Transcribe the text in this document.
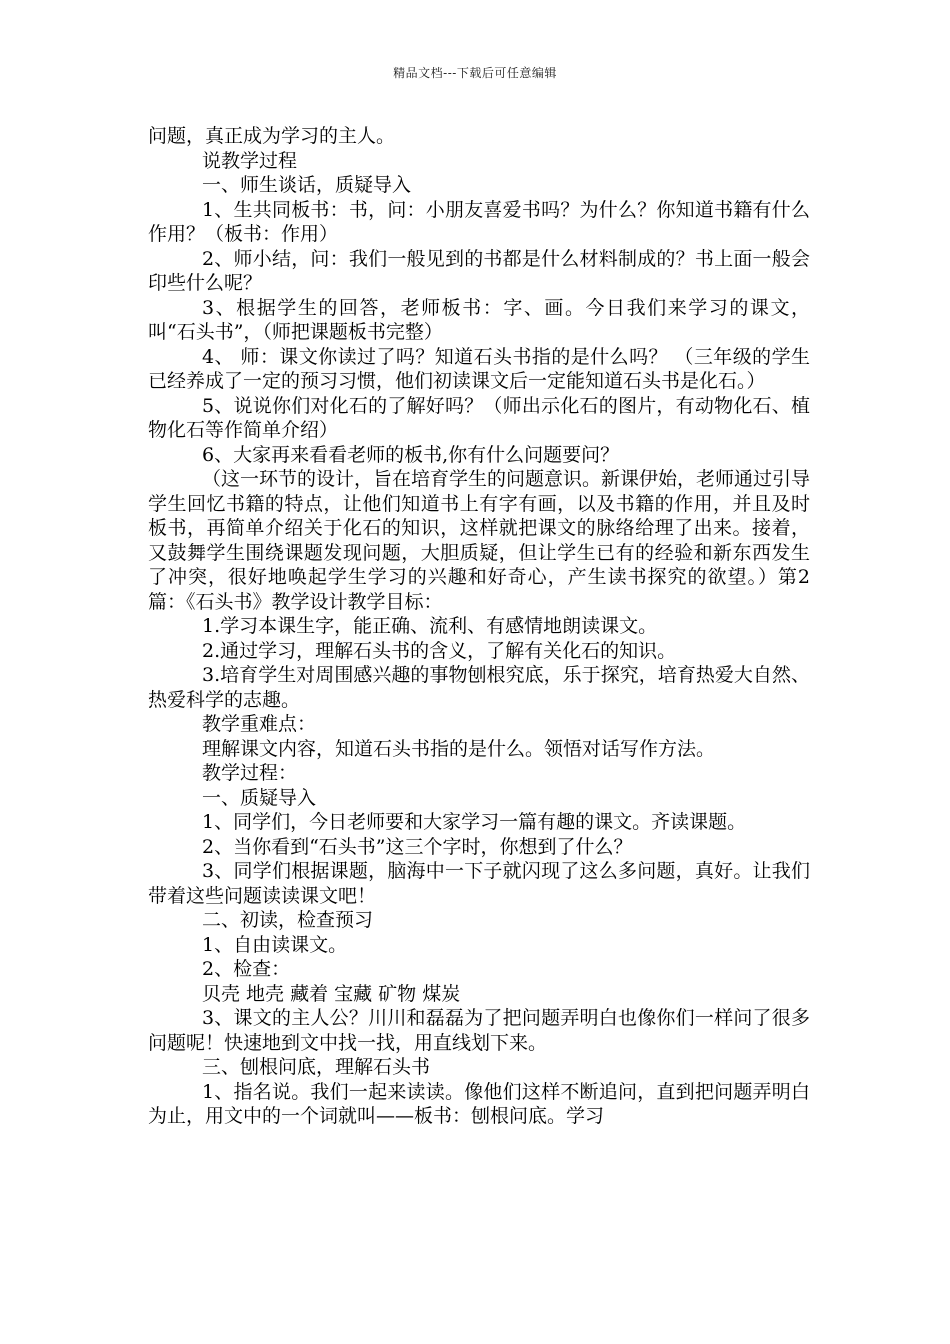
精品文档---下载后可任意编辑

问题，真正成为学习的主人。

说教学过程

一、师生谈话，质疑导入

1、生共同板书：书，问：小朋友喜爱书吗？为什么？你知道书籍有什么作用？（板书：作用）

2、师小结，问：我们一般见到的书都是什么材料制成的？书上面一般会印些什么呢？

3、根据学生的回答，老师板书：字、画。今日我们来学习的课文，叫“石头书”，（师把课题板书完整）

4、 师：课文你读过了吗？知道石头书指的是什么吗？ （三年级的学生已经养成了一定的预习习惯，他们初读课文后一定能知道石头书是化石。）

5、说说你们对化石的了解好吗？（师出示化石的图片，有动物化石、植物化石等作简单介绍）

6、大家再来看看老师的板书,你有什么问题要问？

（这一环节的设计，旨在培育学生的问题意识。新课伊始，老师通过引导学生回忆书籍的特点，让他们知道书上有字有画，以及书籍的作用，并且及时板书，再简单介绍关于化石的知识，这样就把课文的脉络给理了出来。接着，又鼓舞学生围绕课题发现问题，大胆质疑，但让学生已有的经验和新东西发生了冲突，很好地唤起学生学习的兴趣和好奇心，产生读书探究的欲望。）第2篇：《石头书》教学设计教学目标：

1.学习本课生字，能正确、流利、有感情地朗读课文。

2.通过学习，理解石头书的含义，了解有关化石的知识。

3.培育学生对周围感兴趣的事物刨根究底，乐于探究，培育热爱大自然、热爱科学的志趣。

教学重难点：

理解课文内容，知道石头书指的是什么。领悟对话写作方法。

教学过程：

一、质疑导入

1、同学们，今日老师要和大家学习一篇有趣的课文。齐读课题。

2、当你看到“石头书”这三个字时，你想到了什么？

3、同学们根据课题，脑海中一下子就闪现了这么多问题，真好。让我们带着这些问题读读课文吧！

二、初读，检查预习

1、自由读课文。

2、检查：

贝壳 地壳 藏着 宝藏 矿物 煤炭

3、课文的主人公？川川和磊磊为了把问题弄明白也像你们一样问了很多问题呢！快速地到文中找一找，用直线划下来。

三、刨根问底，理解石头书

1、指名说。我们一起来读读。像他们这样不断追问，直到把问题弄明白为止，用文中的一个词就叫——板书：刨根问底。学习
